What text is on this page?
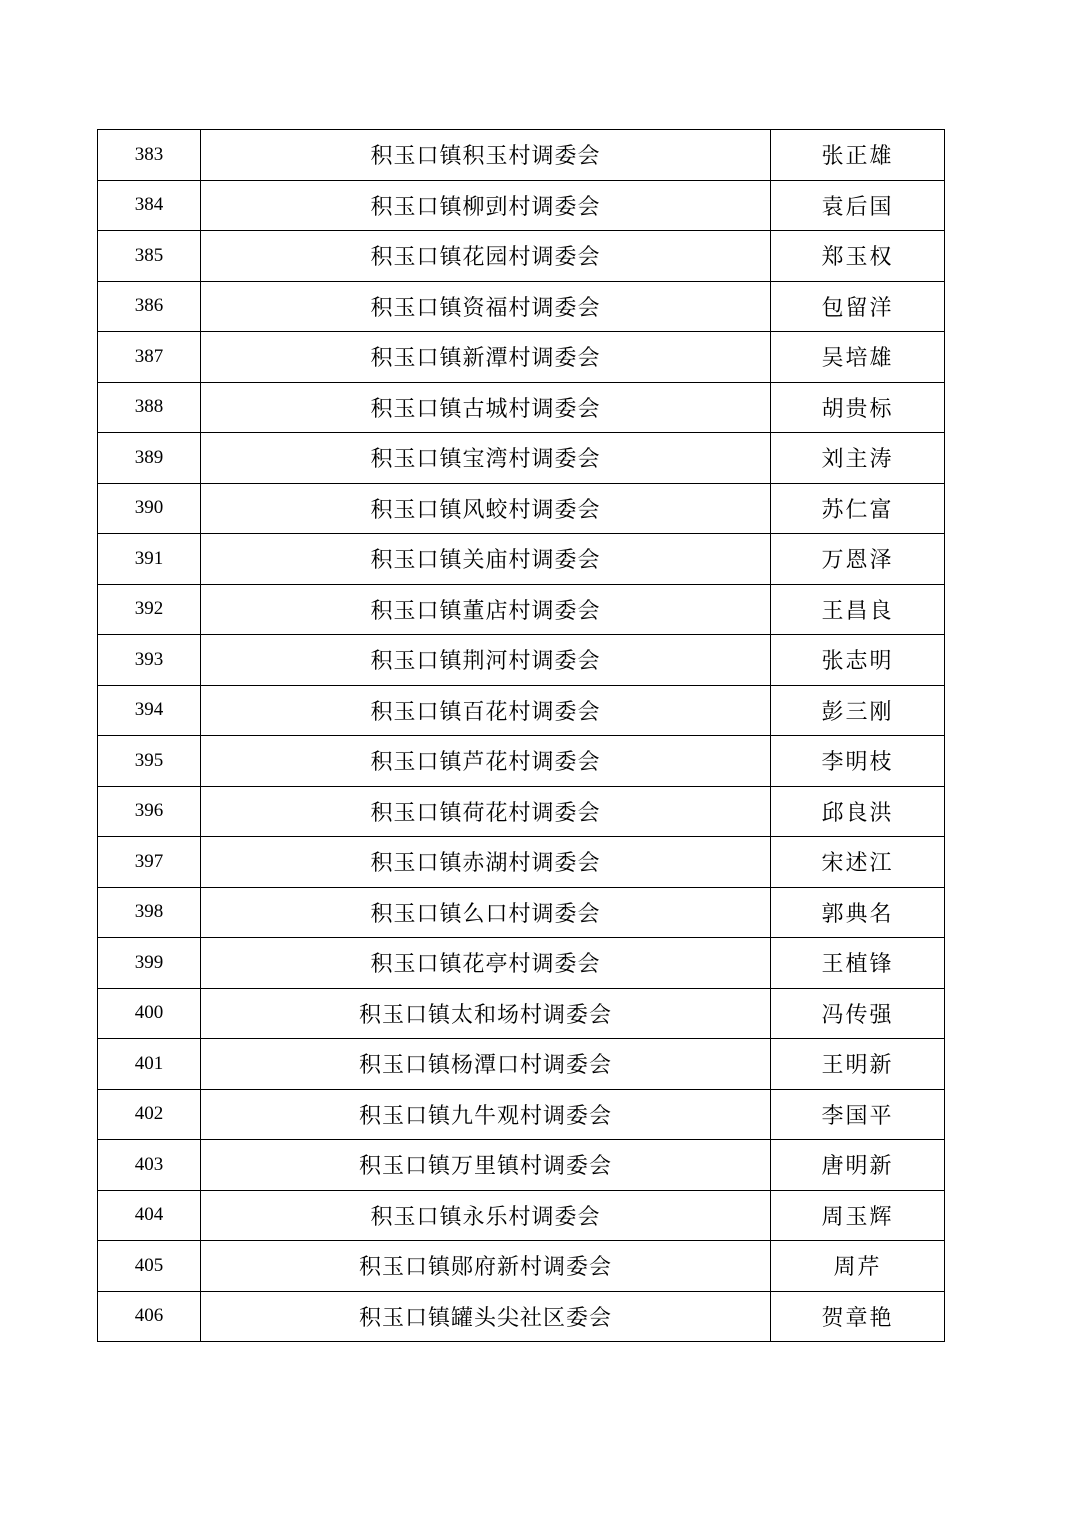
383	积玉口镇积玉村调委会	张正雄
384	积玉口镇柳剅村调委会	袁后国
385	积玉口镇花园村调委会	郑玉权
386	积玉口镇资福村调委会	包留洋
387	积玉口镇新潭村调委会	吴培雄
388	积玉口镇古城村调委会	胡贵标
389	积玉口镇宝湾村调委会	刘主涛
390	积玉口镇风蛟村调委会	苏仁富
391	积玉口镇关庙村调委会	万恩泽
392	积玉口镇董店村调委会	王昌良
393	积玉口镇荆河村调委会	张志明
394	积玉口镇百花村调委会	彭三刚
395	积玉口镇芦花村调委会	李明枝
396	积玉口镇荷花村调委会	邱良洪
397	积玉口镇赤湖村调委会	宋述江
398	积玉口镇么口村调委会	郭典名
399	积玉口镇花亭村调委会	王植锋
400	积玉口镇太和场村调委会	冯传强
401	积玉口镇杨潭口村调委会	王明新
402	积玉口镇九牛观村调委会	李国平
403	积玉口镇万里镇村调委会	唐明新
404	积玉口镇永乐村调委会	周玉辉
405	积玉口镇郧府新村调委会	周芹
406	积玉口镇罐头尖社区委会	贺章艳
